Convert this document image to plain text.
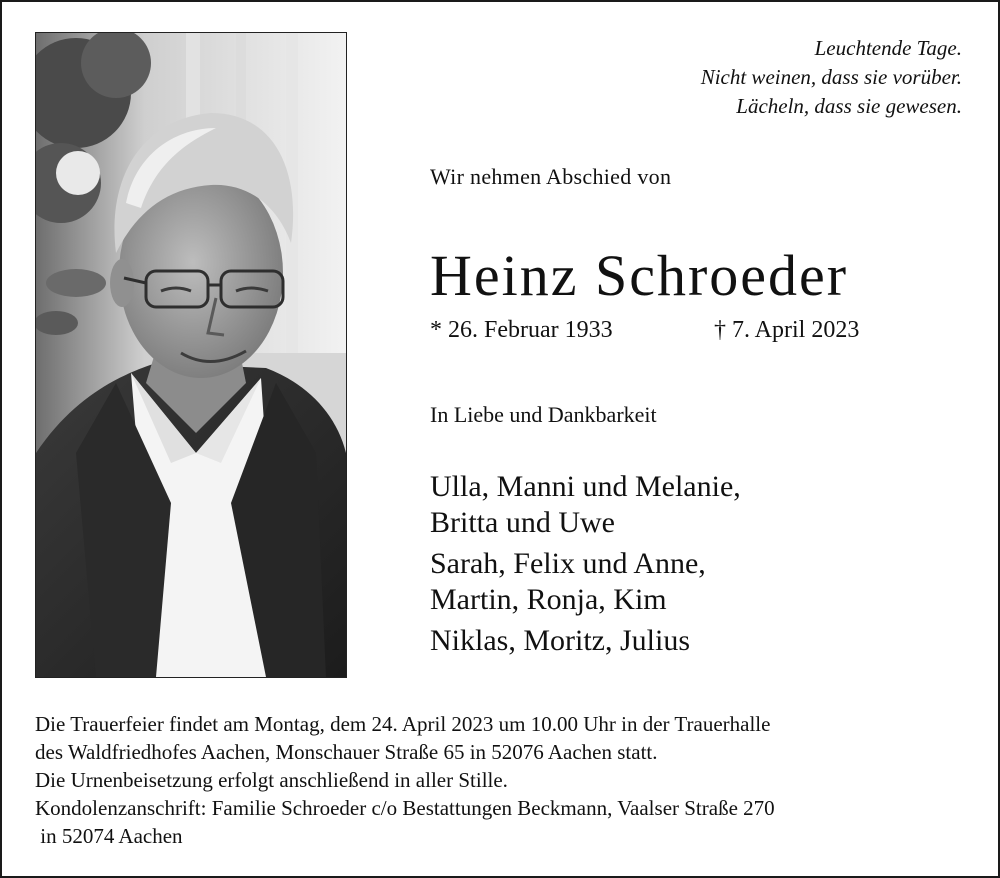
Leuchtende Tage.
Nicht weinen, dass sie vorüber.
Lächeln, dass sie gewesen.
Wir nehmen Abschied von
Heinz Schroeder
* 26. Februar 1933	† 7. April 2023
In Liebe und Dankbarkeit
Ulla, Manni und Melanie,
Britta und Uwe
Sarah, Felix und Anne,
Martin, Ronja, Kim
Niklas, Moritz, Julius
Die Trauerfeier findet am Montag, dem 24. April 2023 um 10.00 Uhr in der Trauerhalle
des Waldfriedhofes Aachen, Monschauer Straße 65 in 52076 Aachen statt.
Die Urnenbeisetzung erfolgt anschließend in aller Stille.
Kondolenzanschrift: Familie Schroeder c/o Bestattungen Beckmann, Vaalser Straße 270
in 52074 Aachen
